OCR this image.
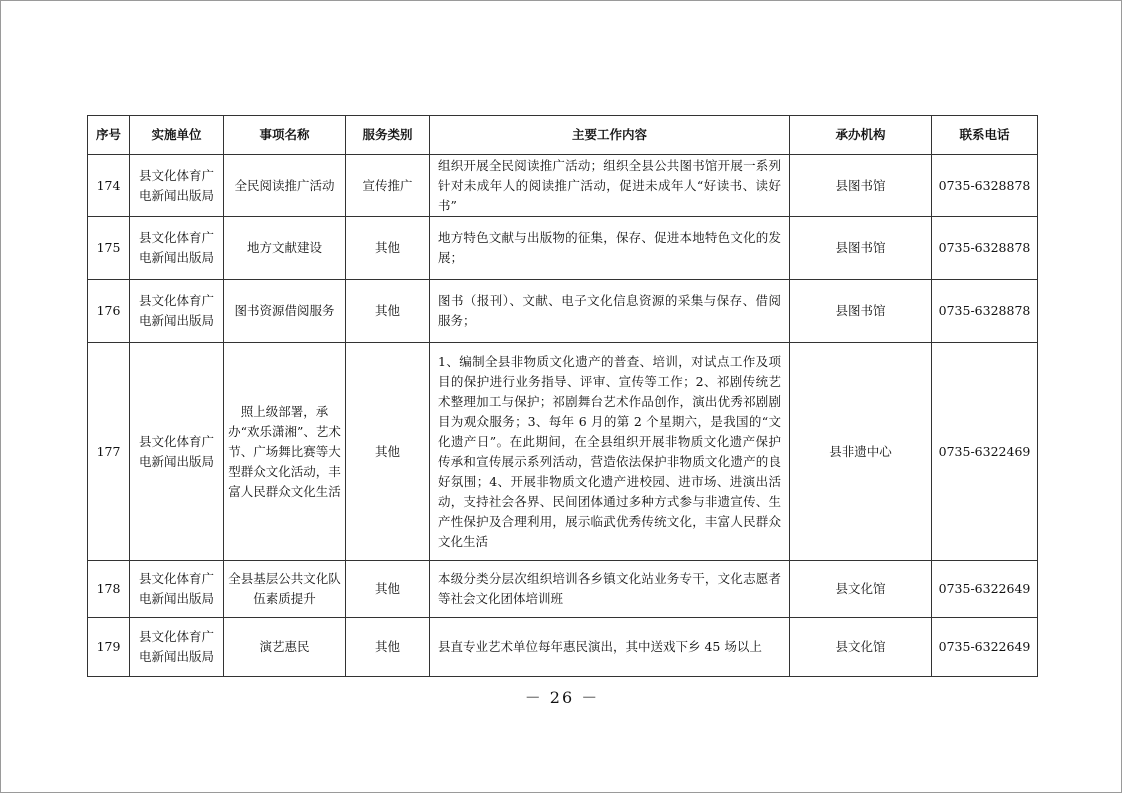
序号	实施单位	事项名称	服务类别	主要工作内容	承办机构	联系电话
174	县文化体育广电新闻出版局	全民阅读推广活动	宣传推广	组织开展全民阅读推广活动；组织全县公共图书馆开展一系列针对未成年人的阅读推广活动，促进未成年人“好读书、读好书”	县图书馆	0735-6328878
175	县文化体育广电新闻出版局	地方文献建设	其他	地方特色文献与出版物的征集，保存、促进本地特色文化的发展；	县图书馆	0735-6328878
176	县文化体育广电新闻出版局	图书资源借阅服务	其他	图书（报刊）、文献、电子文化信息资源的采集与保存、借阅服务；	县图书馆	0735-6328878
177	县文化体育广电新闻出版局	照上级部署，承办“欢乐潇湘”、艺术节、广场舞比赛等大型群众文化活动，丰富人民群众文化生活	其他	1、编制全县非物质文化遗产的普查、培训，对试点工作及项目的保护进行业务指导、评审、宣传等工作；2、祁剧传统艺术整理加工与保护；祁剧舞台艺术作品创作，演出优秀祁剧剧目为观众服务；3、每年 6 月的第 2 个星期六，是我国的“文化遗产日”。在此期间，在全县组织开展非物质文化遗产保护传承和宣传展示系列活动，营造依法保护非物质文化遗产的良好氛围；4、开展非物质文化遗产进校园、进市场、进演出活动，支持社会各界、民间团体通过多种方式参与非遗宣传、生产性保护及合理利用，展示临武优秀传统文化，丰富人民群众文化生活	县非遗中心	0735-6322469
178	县文化体育广电新闻出版局	全县基层公共文化队伍素质提升	其他	本级分类分层次组织培训各乡镇文化站业务专干，文化志愿者等社会文化团体培训班	县文化馆	0735-6322649
179	县文化体育广电新闻出版局	演艺惠民	其他	县直专业艺术单位每年惠民演出，其中送戏下乡 45 场以上	县文化馆	0735-6322649
－ 26 －
